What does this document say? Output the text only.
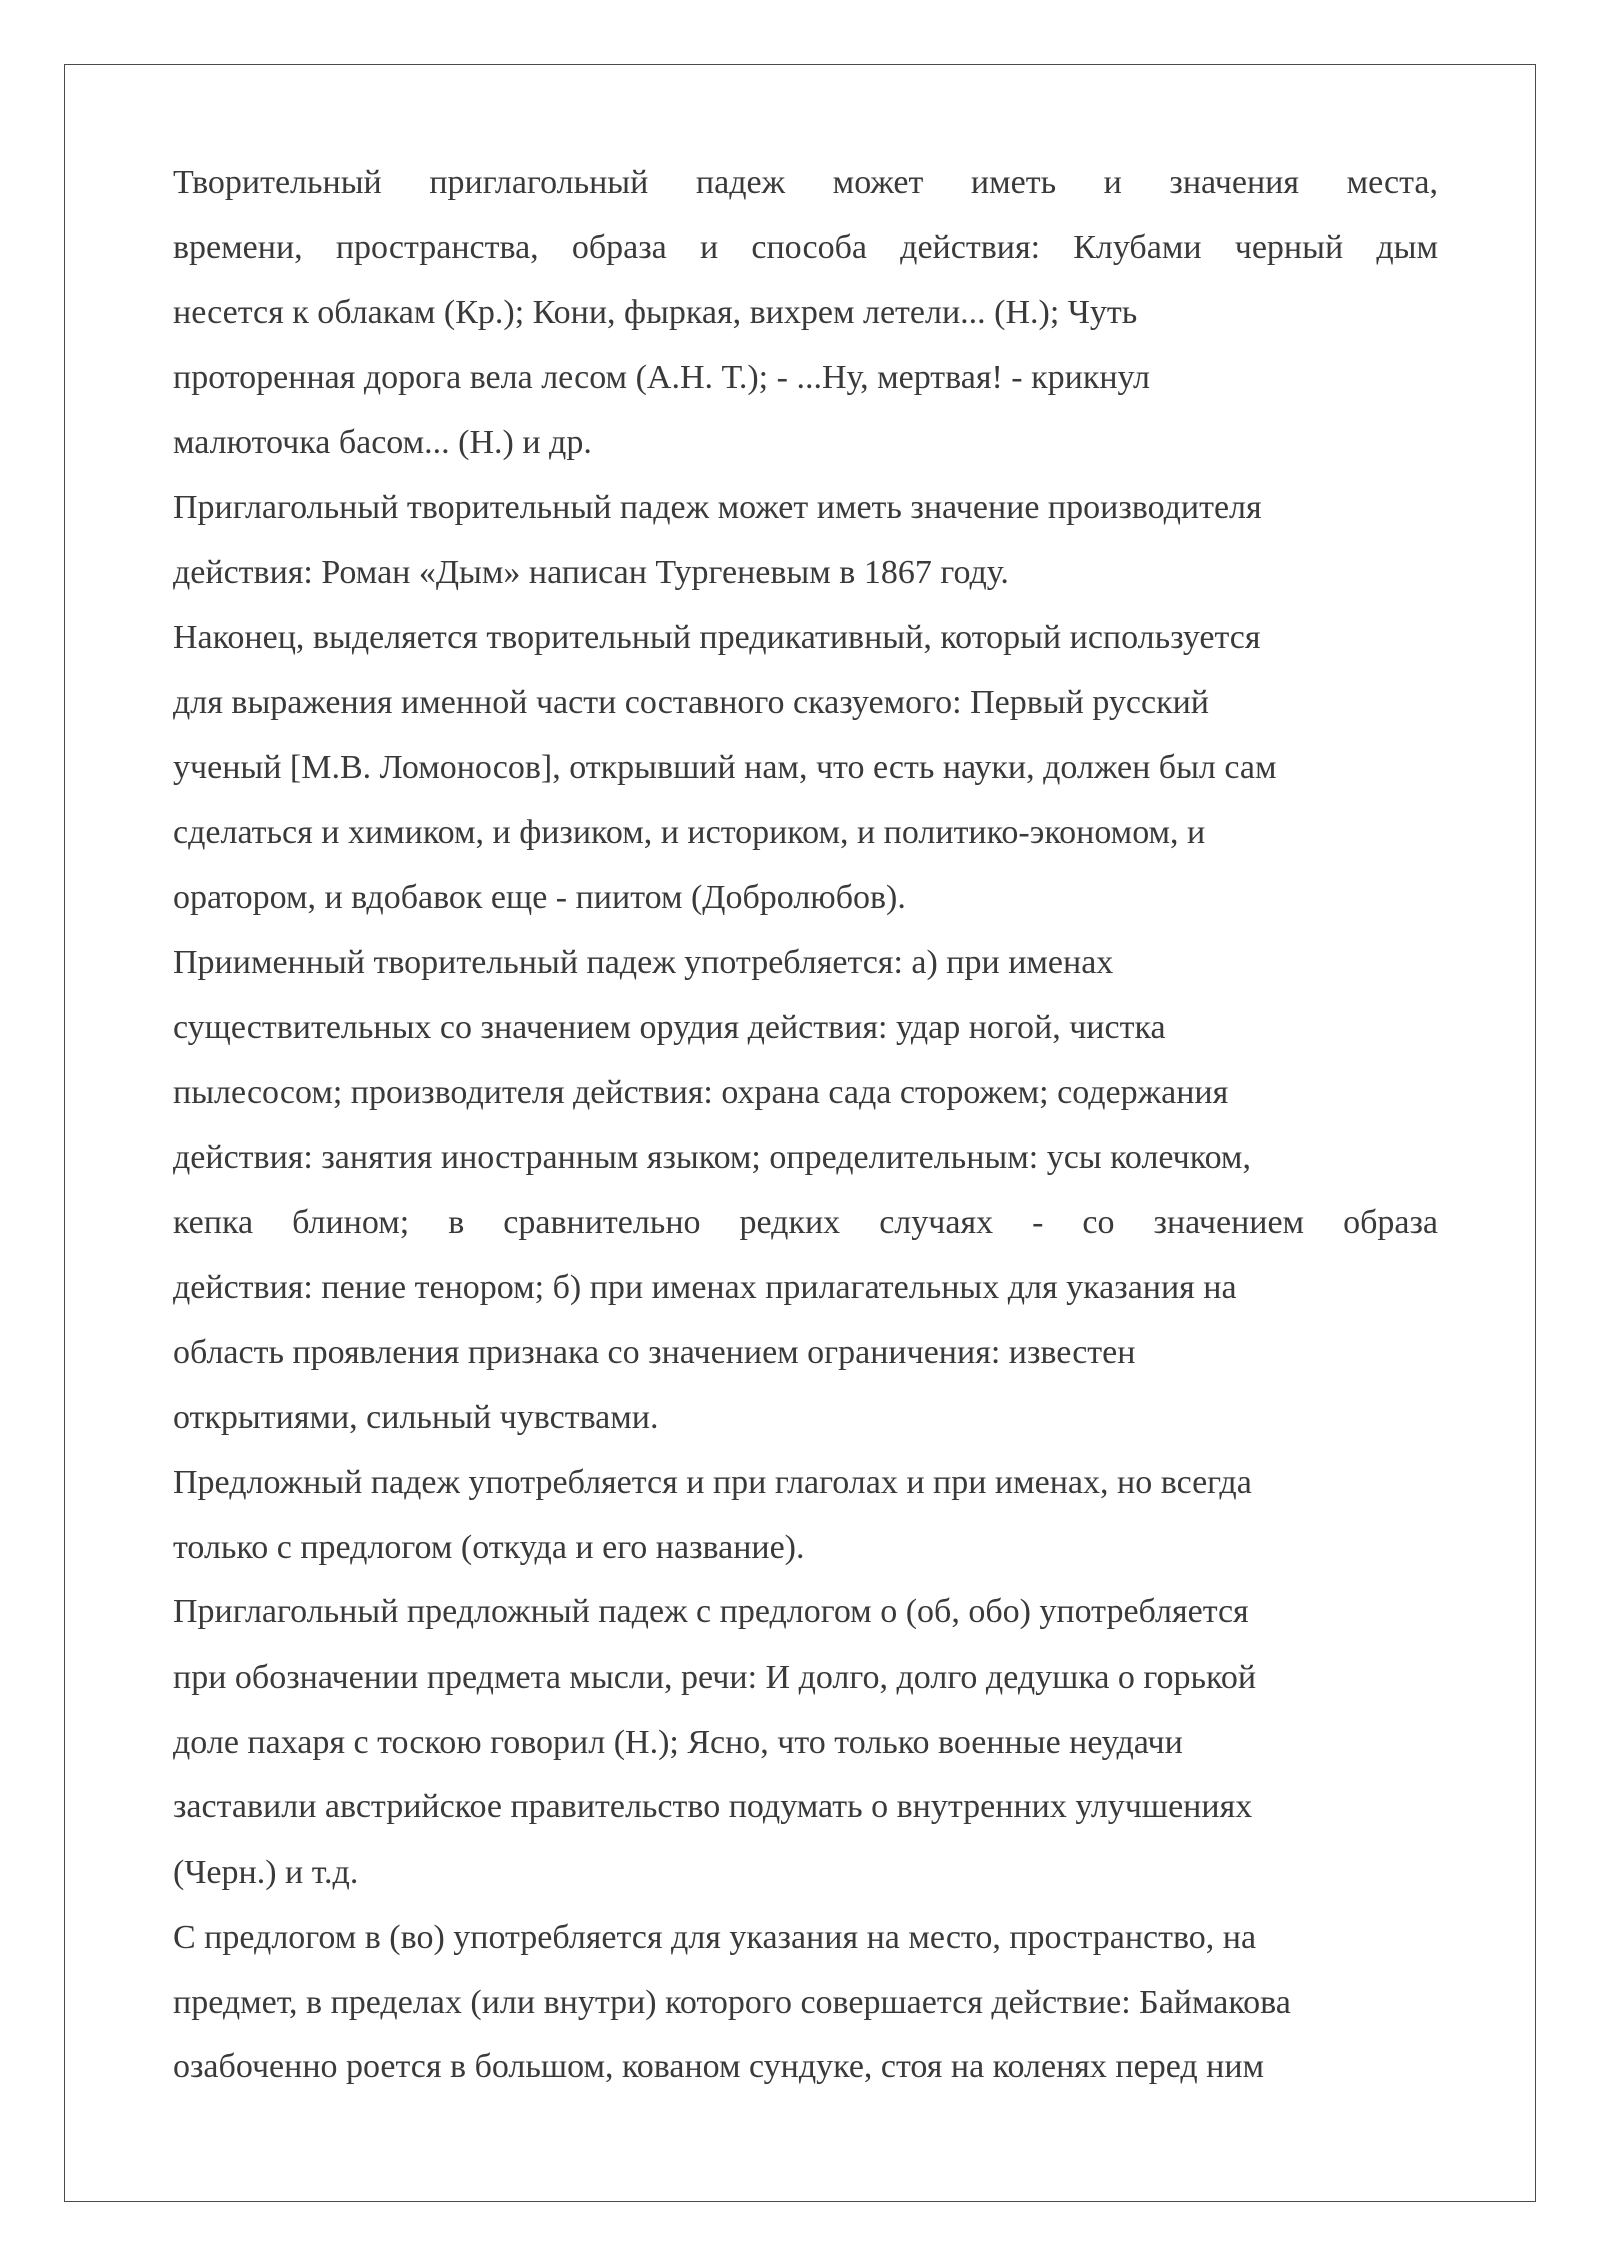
Творительный приглагольный падеж может иметь и значения места,
времени, пространства, образа и способа действия: Клубами черный дым
несется к облакам (Кр.); Кони, фыркая, вихрем летели... (Н.); Чуть
проторенная дорога вела лесом (А.Н. Т.); - ...Ну, мертвая! - крикнул
малюточка басом... (Н.) и др.
Приглагольный творительный падеж может иметь значение производителя
действия: Роман «Дым» написан Тургеневым в 1867 году.
Наконец, выделяется творительный предикативный, который используется
для выражения именной части составного сказуемого: Первый русский
ученый [М.В. Ломоносов], открывший нам, что есть науки, должен был сам
сделаться и химиком, и физиком, и историком, и политико-экономом, и
оратором, и вдобавок еще - пиитом (Добролюбов).
Приименный творительный падеж употребляется: а) при именах
существительных со значением орудия действия: удар ногой, чистка
пылесосом; производителя действия: охрана сада сторожем; содержания
действия: занятия иностранным языком; определительным: усы колечком,
кепка блином; в сравнительно редких случаях - со значением образа
действия: пение тенором; б) при именах прилагательных для указания на
область проявления признака со значением ограничения: известен
открытиями, сильный чувствами.
Предложный падеж употребляется и при глаголах и при именах, но всегда
только с предлогом (откуда и его название).
Приглагольный предложный падеж с предлогом о (об, обо) употребляется
при обозначении предмета мысли, речи: И долго, долго дедушка о горькой
доле пахаря с тоскою говорил (Н.); Ясно, что только военные неудачи
заставили австрийское правительство подумать о внутренних улучшениях
(Черн.) и т.д.
С предлогом в (во) употребляется для указания на место, пространство, на
предмет, в пределах (или внутри) которого совершается действие: Баймакова
озабоченно роется в большом, кованом сундуке, стоя на коленях перед ним
